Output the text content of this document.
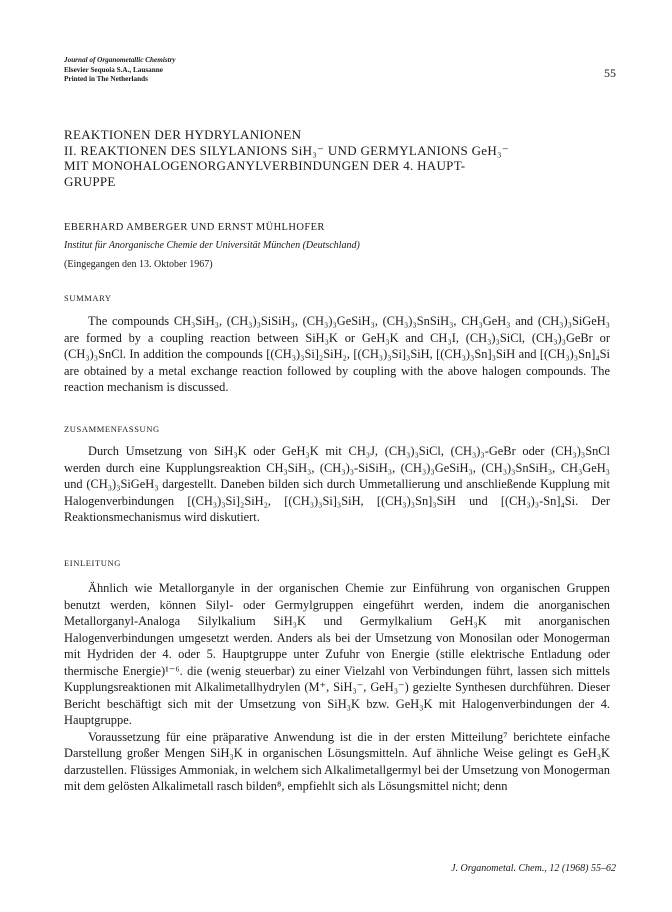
Journal of Organometallic Chemistry
Elsevier Sequoia S.A., Lausanne
Printed in The Netherlands	55
REAKTIONEN DER HYDRYLANIONEN
II. REAKTIONEN DES SILYLANIONS SiH₃⁻ UND GERMYLANIONS GeH₃⁻
MIT MONOHALOGENORGANYLVERBINDUNGEN DER 4. HAUPT-
GRUPPE
EBERHARD AMBERGER UND ERNST MÜHLHOFER
Institut für Anorganische Chemie der Universität München (Deutschland)
(Eingegangen den 13. Oktober 1967)
SUMMARY

The compounds CH₃SiH₃, (CH₃)₃SiSiH₃, (CH₃)₃GeSiH₃, (CH₃)₃SnSiH₃, CH₃GeH₃ and (CH₃)₃SiGeH₃ are formed by a coupling reaction between SiH₃K or GeH₃K and CH₃I, (CH₃)₃SiCl, (CH₃)₃GeBr or (CH₃)₃SnCl. In addition the compounds [(CH₃)₃Si]₂SiH₂, [(CH₃)₃Si]₃SiH, [(CH₃)₃Sn]₃SiH and [(CH₃)₃Sn]₄Si are obtained by a metal exchange reaction followed by coupling with the above halogen compounds. The reaction mechanism is discussed.

ZUSAMMENFASSUNG

Durch Umsetzung von SiH₃K oder GeH₃K mit CH₃J, (CH₃)₃SiCl, (CH₃)₃-GeBr oder (CH₃)₃SnCl werden durch eine Kupplungsreaktion CH₃SiH₃, (CH₃)₃-SiSiH₃, (CH₃)₃GeSiH₃, (CH₃)₃SnSiH₃, CH₃GeH₃ und (CH₃)₃SiGeH₃ dargestellt. Daneben bilden sich durch Ummetallierung und anschließende Kupplung mit Halogenverbindungen [(CH₃)₃Si]₂SiH₂, [(CH₃)₃Si]₃SiH, [(CH₃)₃Sn]₃SiH und [(CH₃)₃-Sn]₄Si. Der Reaktionsmechanismus wird diskutiert.

EINLEITUNG

Ähnlich wie Metallorganyle in der organischen Chemie zur Einführung von organischen Gruppen benutzt werden, können Silyl- oder Germylgruppen eingeführt werden, indem die anorganischen Metallorganyl-Analoga Silylkalium SiH₃K und Germylkalium GeH₃K mit anorganischen Halogenverbindungen umgesetzt werden. Anders als bei der Umsetzung von Monosilan oder Monogerman mit Hydriden der 4. oder 5. Hauptgruppe unter Zufuhr von Energie (stille elektrische Entladung oder thermische Energie)¹⁻⁶. die (wenig steuerbar) zu einer Vielzahl von Verbindungen führt, lassen sich mittels Kupplungsreaktionen mit Alkalimetallhydrylen (M⁺, SiH₃⁻, GeH₃⁻) gezielte Synthesen durchführen. Dieser Bericht beschäftigt sich mit der Umsetzung von SiH₃K bzw. GeH₃K mit Halogenverbindungen der 4. Hauptgruppe.

Voraussetzung für eine präparative Anwendung ist die in der ersten Mitteilung⁷ berichtete einfache Darstellung großer Mengen SiH₃K in organischen Lösungsmitteln. Auf ähnliche Weise gelingt es GeH₃K darzustellen. Flüssiges Ammoniak, in welchem sich Alkalimetallgermyl bei der Umsetzung von Monogerman mit dem gelösten Alkalimetall rasch bilden⁸, empfiehlt sich als Lösungsmittel nicht; denn

J. Organometal. Chem., 12 (1968) 55–62
